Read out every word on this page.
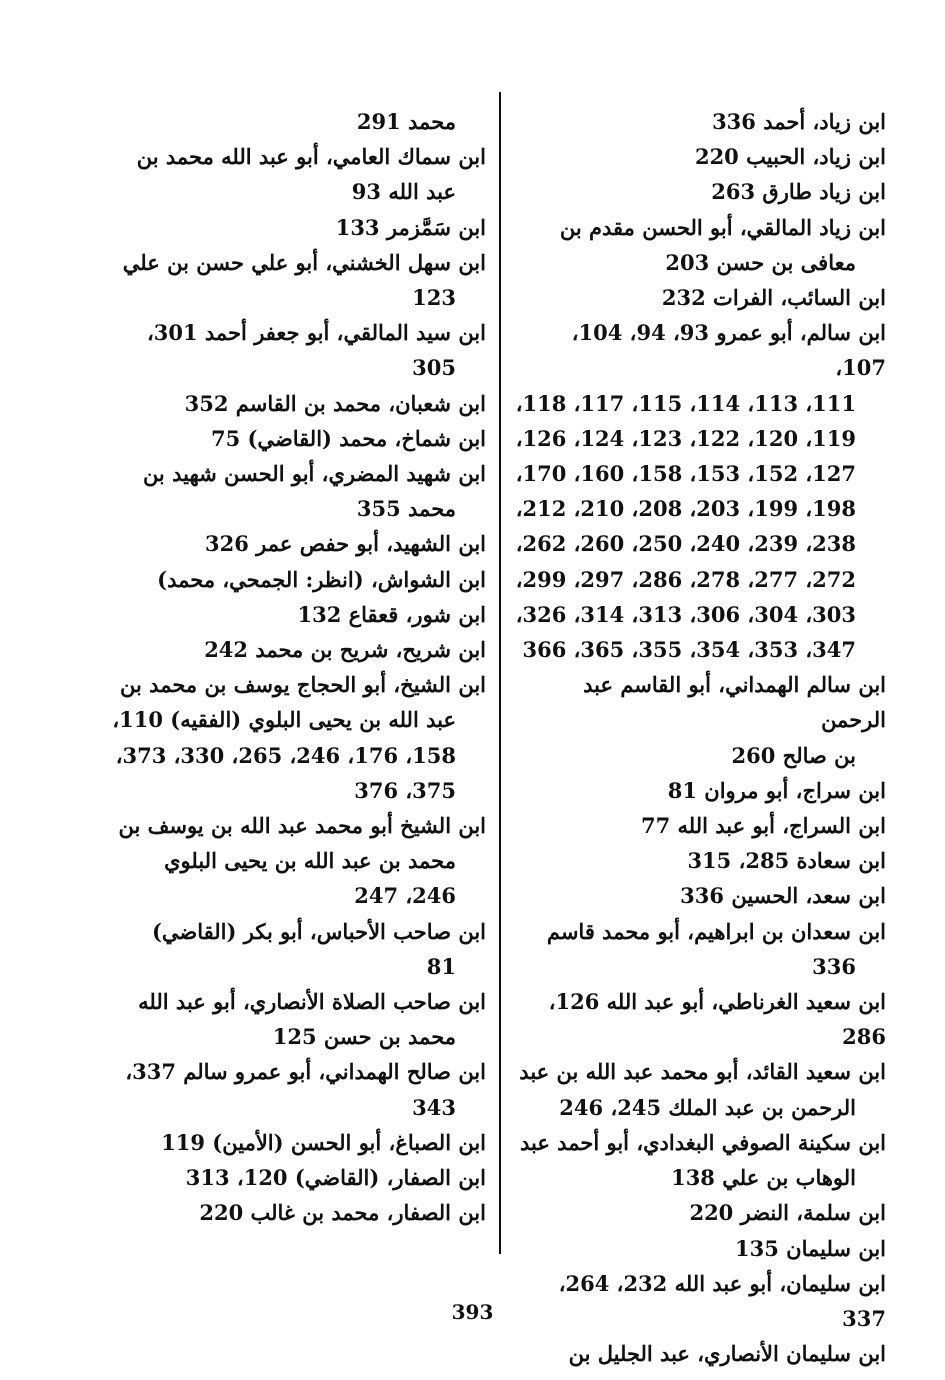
ابن زياد، أحمد 336
ابن زياد، الحبيب 220
ابن زياد طارق 263
ابن زياد المالقي، أبو الحسن مقدم بن
معافى بن حسن 203
ابن السائب، الفرات 232
ابن سالم، أبو عمرو 93، 94، 104، 107،
111، 113، 114، 115، 117، 118،
119، 120، 122، 123، 124، 126،
127، 152، 153، 158، 160، 170،
198، 199، 203، 208، 210، 212،
238، 239، 240، 250، 260، 262،
272، 277، 278، 286، 297، 299،
303، 304، 306، 313، 314، 326،
347، 353، 354، 355، 365، 366
ابن سالم الهمداني، أبو القاسم عبد الرحمن
بن صالح 260
ابن سراج، أبو مروان 81
ابن السراج، أبو عبد الله 77
ابن سعادة 285، 315
ابن سعد، الحسين 336
ابن سعدان بن ابراهيم، أبو محمد قاسم
336
ابن سعيد الغرناطي، أبو عبد الله 126، 286
ابن سعيد القائد، أبو محمد عبد الله بن عبد
الرحمن بن عبد الملك 245، 246
ابن سكينة الصوفي البغدادي، أبو أحمد عبد
الوهاب بن علي 138
ابن سلمة، النضر 220
ابن سليمان 135
ابن سليمان، أبو عبد الله 232، 264، 337
ابن سليمان الأنصاري، عبد الجليل بن
محمد 291
ابن سماك العامي، أبو عبد الله محمد بن
عبد الله 93
ابن سَمَّزمر 133
ابن سهل الخشني، أبو علي حسن بن علي
123
ابن سيد المالقي، أبو جعفر أحمد 301،
305
ابن شعبان، محمد بن القاسم 352
ابن شماخ، محمد (القاضي) 75
ابن شهيد المضري، أبو الحسن شهيد بن
محمد 355
ابن الشهيد، أبو حفص عمر 326
ابن الشواش، (انظر: الجمحي، محمد)
ابن شور، قعقاع 132
ابن شريح، شريح بن محمد 242
ابن الشيخ، أبو الحجاج يوسف بن محمد بن
عبد الله بن يحيى البلوي (الفقيه) 110،
158، 176، 246، 265، 330، 373،
375، 376
ابن الشيخ أبو محمد عبد الله بن يوسف بن
محمد بن عبد الله بن يحيى البلوي
246، 247
ابن صاحب الأحباس، أبو بكر (القاضي)
81
ابن صاحب الصلاة الأنصاري، أبو عبد الله
محمد بن حسن 125
ابن صالح الهمداني، أبو عمرو سالم 337،
343
ابن الصباغ، أبو الحسن (الأمين) 119
ابن الصفار، (القاضي) 120، 313
ابن الصفار، محمد بن غالب 220
393
